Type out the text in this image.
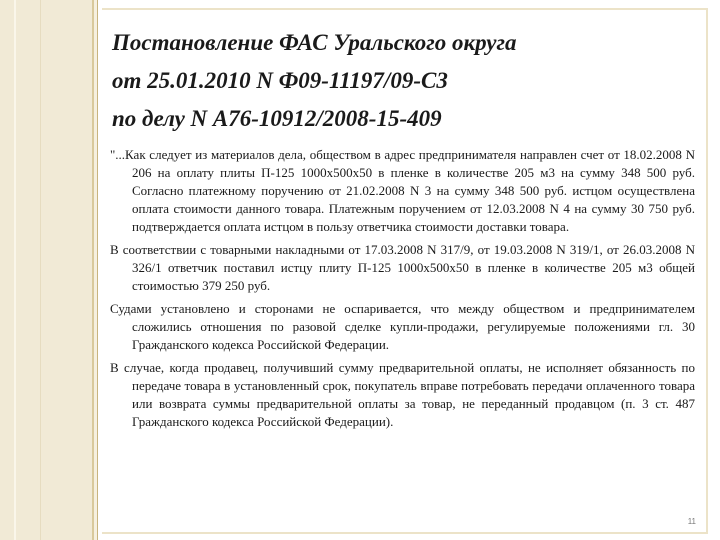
Постановление ФАС Уральского округа
от 25.01.2010 N Ф09-11197/09-С3
по делу N А76-10912/2008-15-409

"...Как следует из материалов дела, обществом в адрес предпринимателя направлен счет от 18.02.2008 N 206 на оплату плиты П-125 1000х500х50 в пленке в количестве 205 м3 на сумму 348 500 руб. Согласно платежному поручению от 21.02.2008 N 3 на сумму 348 500 руб. истцом осуществлена оплата стоимости данного товара. Платежным поручением от 12.03.2008 N 4 на сумму 30 750 руб. подтверждается оплата истцом в пользу ответчика стоимости доставки товара.

В соответствии с товарными накладными от 17.03.2008 N 317/9, от 19.03.2008 N 319/1, от 26.03.2008 N 326/1 ответчик поставил истцу плиту П-125 1000х500х50 в пленке в количестве 205 м3 общей стоимостью 379 250 руб.

Судами установлено и сторонами не оспаривается, что между обществом и предпринимателем сложились отношения по разовой сделке купли-продажи, регулируемые положениями гл. 30 Гражданского кодекса Российской Федерации.

В случае, когда продавец, получивший сумму предварительной оплаты, не исполняет обязанность по передаче товара в установленный срок, покупатель вправе потребовать передачи оплаченного товара или возврата суммы предварительной оплаты за товар, не переданный продавцом (п. 3 ст. 487 Гражданского кодекса Российской Федерации).

11
